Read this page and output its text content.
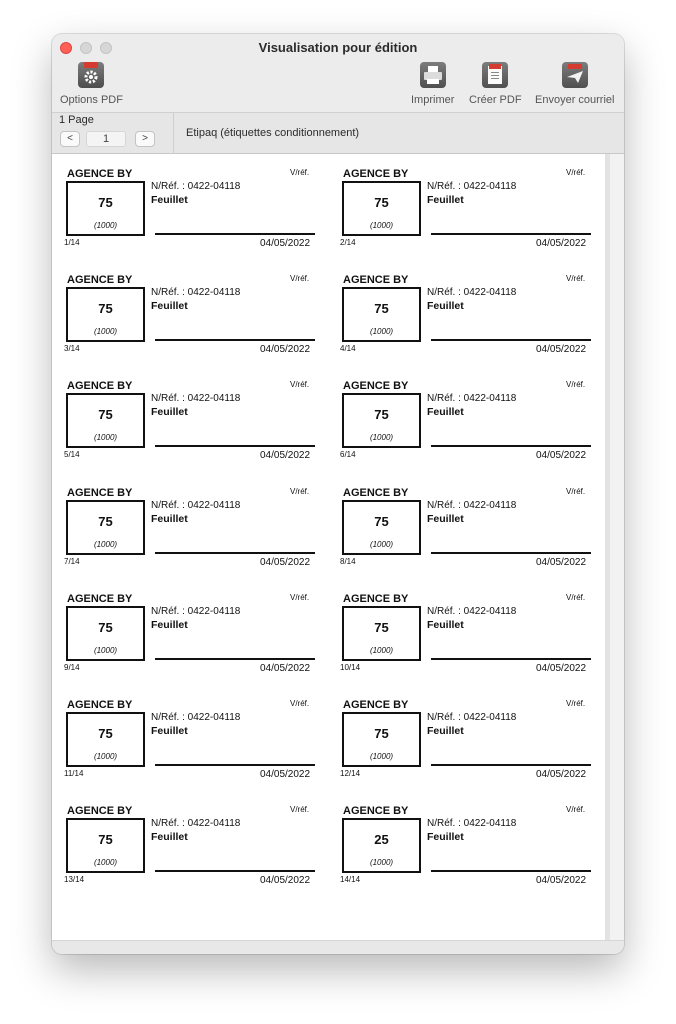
Visualisation pour édition
Options PDF	Imprimer Créer PDF Envoyer courriel
1 Page
<	1	>	Etipaq (étiquettes conditionnement)
AGENCE BY	V/réf.
75
(1000)
N/Réf. : 0422-04118
Feuillet
1/14	04/05/2022
AGENCE BY	V/réf.
75
(1000)
N/Réf. : 0422-04118
Feuillet
2/14	04/05/2022
AGENCE BY	V/réf.
75
(1000)
N/Réf. : 0422-04118
Feuillet
3/14	04/05/2022
AGENCE BY	V/réf.
75
(1000)
N/Réf. : 0422-04118
Feuillet
4/14	04/05/2022
AGENCE BY	V/réf.
75
(1000)
N/Réf. : 0422-04118
Feuillet
5/14	04/05/2022
AGENCE BY	V/réf.
75
(1000)
N/Réf. : 0422-04118
Feuillet
6/14	04/05/2022
AGENCE BY	V/réf.
75
(1000)
N/Réf. : 0422-04118
Feuillet
7/14	04/05/2022
AGENCE BY	V/réf.
75
(1000)
N/Réf. : 0422-04118
Feuillet
8/14	04/05/2022
AGENCE BY	V/réf.
75
(1000)
N/Réf. : 0422-04118
Feuillet
9/14	04/05/2022
AGENCE BY	V/réf.
75
(1000)
N/Réf. : 0422-04118
Feuillet
10/14	04/05/2022
AGENCE BY	V/réf.
75
(1000)
N/Réf. : 0422-04118
Feuillet
11/14	04/05/2022
AGENCE BY	V/réf.
75
(1000)
N/Réf. : 0422-04118
Feuillet
12/14	04/05/2022
AGENCE BY	V/réf.
75
(1000)
N/Réf. : 0422-04118
Feuillet
13/14	04/05/2022
AGENCE BY	V/réf.
25
(1000)
N/Réf. : 0422-04118
Feuillet
14/14	04/05/2022
